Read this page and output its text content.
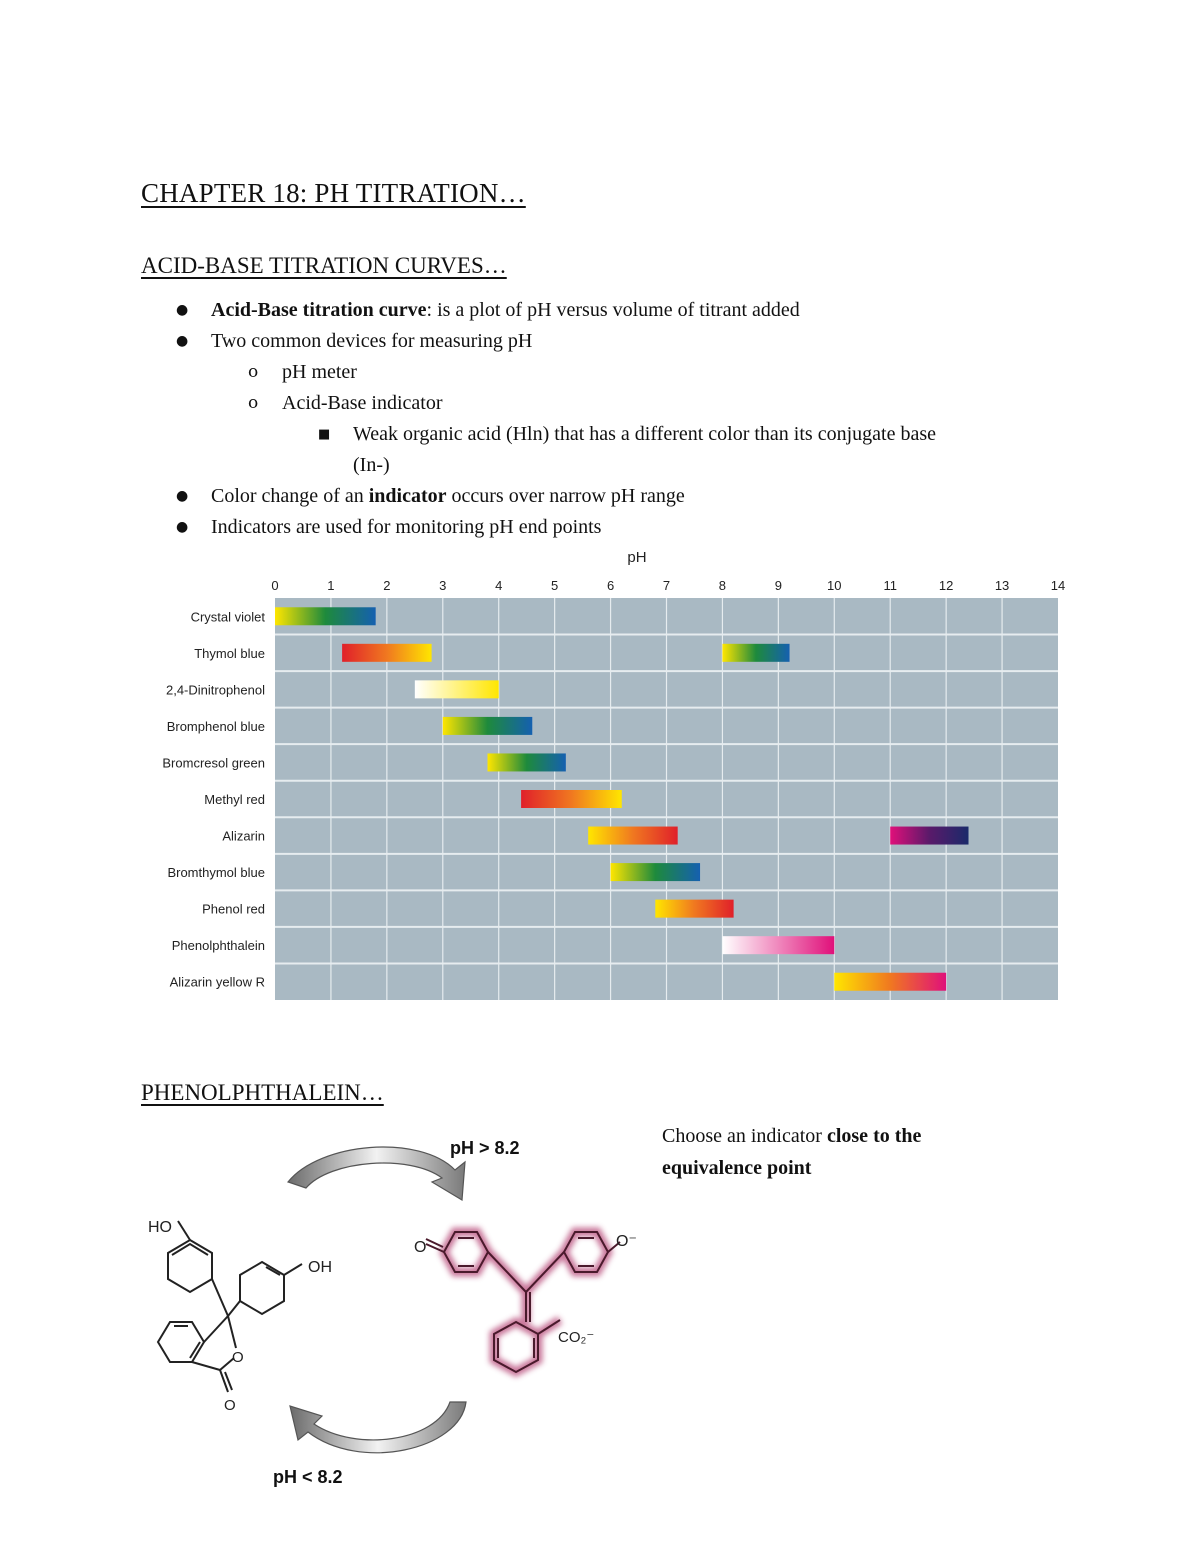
CHAPTER 18: PH TITRATION…
ACID-BASE TITRATION CURVES…
● Acid-Base titration curve: is a plot of pH versus volume of titrant added
● Two common devices for measuring pH
o pH meter
o Acid-Base indicator
■ Weak organic acid (Hln) that has a different color than its conjugate base
(In-)
● Color change of an indicator occurs over narrow pH range
● Indicators are used for monitoring pH end points
0	1	2	3	4	5	6	7	8	9	10	11	12	13	14
Crystal violet
Thymol blue
2,4-Dinitrophenol
Bromphenol blue
Bromcresol green
Methyl red
Alizarin
Bromthymol blue
Phenol red
Phenolphthalein
Alizarin yellow R
pH
PHENOLPHTHALEIN…
HO
OH
O
O
O	O⁻
CO₂⁻
pH > 8.2
pH < 8.2
Choose an indicator close to the equivalence point
